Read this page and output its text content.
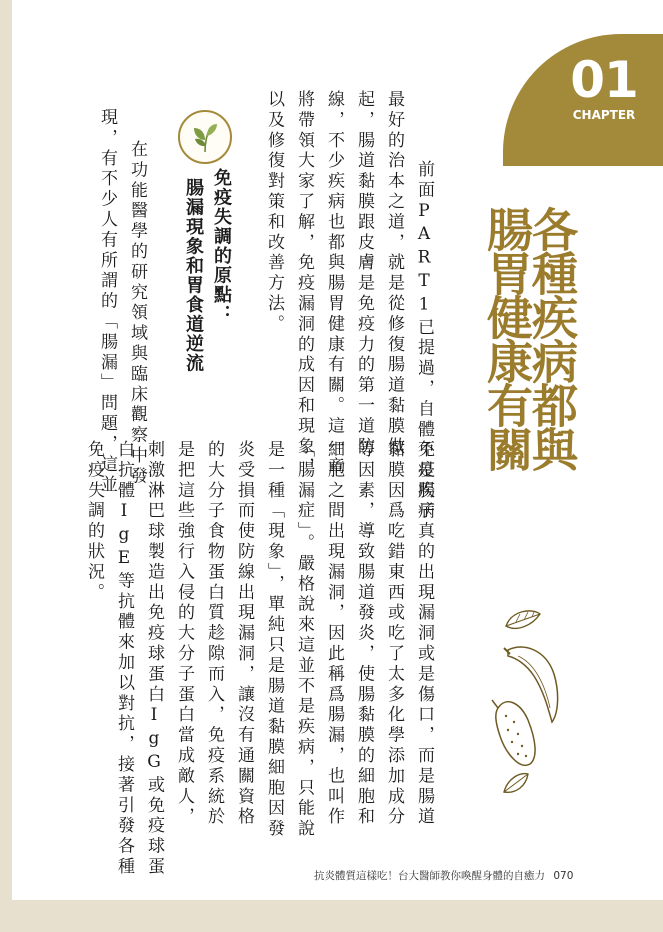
01
CHAPTER
各種疾病都與
腸胃健康有關
前面PART1已提過，自體免疫疾病
最好的治本之道，就是從修復腸道黏膜做
起，腸道黏膜跟皮膚是免疫力的第一道防
線，不少疾病也都與腸胃健康有關。這一章
將帶領大家了解，免疫漏洞的成因和現象，
以及修復對策和改善方法。
免疫失調的原點：
腸漏現象和胃食道逆流
在功能醫學的研究領域與臨床觀察中發
現，有不少人有所謂的「腸漏」問題，這並
不是腸子真的出現漏洞或是傷口，而是腸道
黏膜因爲吃錯東西或吃了太多化學添加成分
等因素，導致腸道發炎，使腸黏膜的細胞和
細胞之間出現漏洞，因此稱爲腸漏，也叫作
「腸漏症」。嚴格說來這並不是疾病，只能說
是一種「現象」，單純只是腸道黏膜細胞因發
炎受損而使防線出現漏洞，讓沒有通關資格
的大分子食物蛋白質趁隙而入，免疫系統於
是把這些強行入侵的大分子蛋白當成敵人，
刺激淋巴球製造出免疫球蛋白IgG或免疫球蛋
白抗體IgE等抗體來加以對抗，接著引發各種
免疫失調的狀況。
抗炎體質這樣吃！台大醫師教你喚醒身體的自癒力 070
